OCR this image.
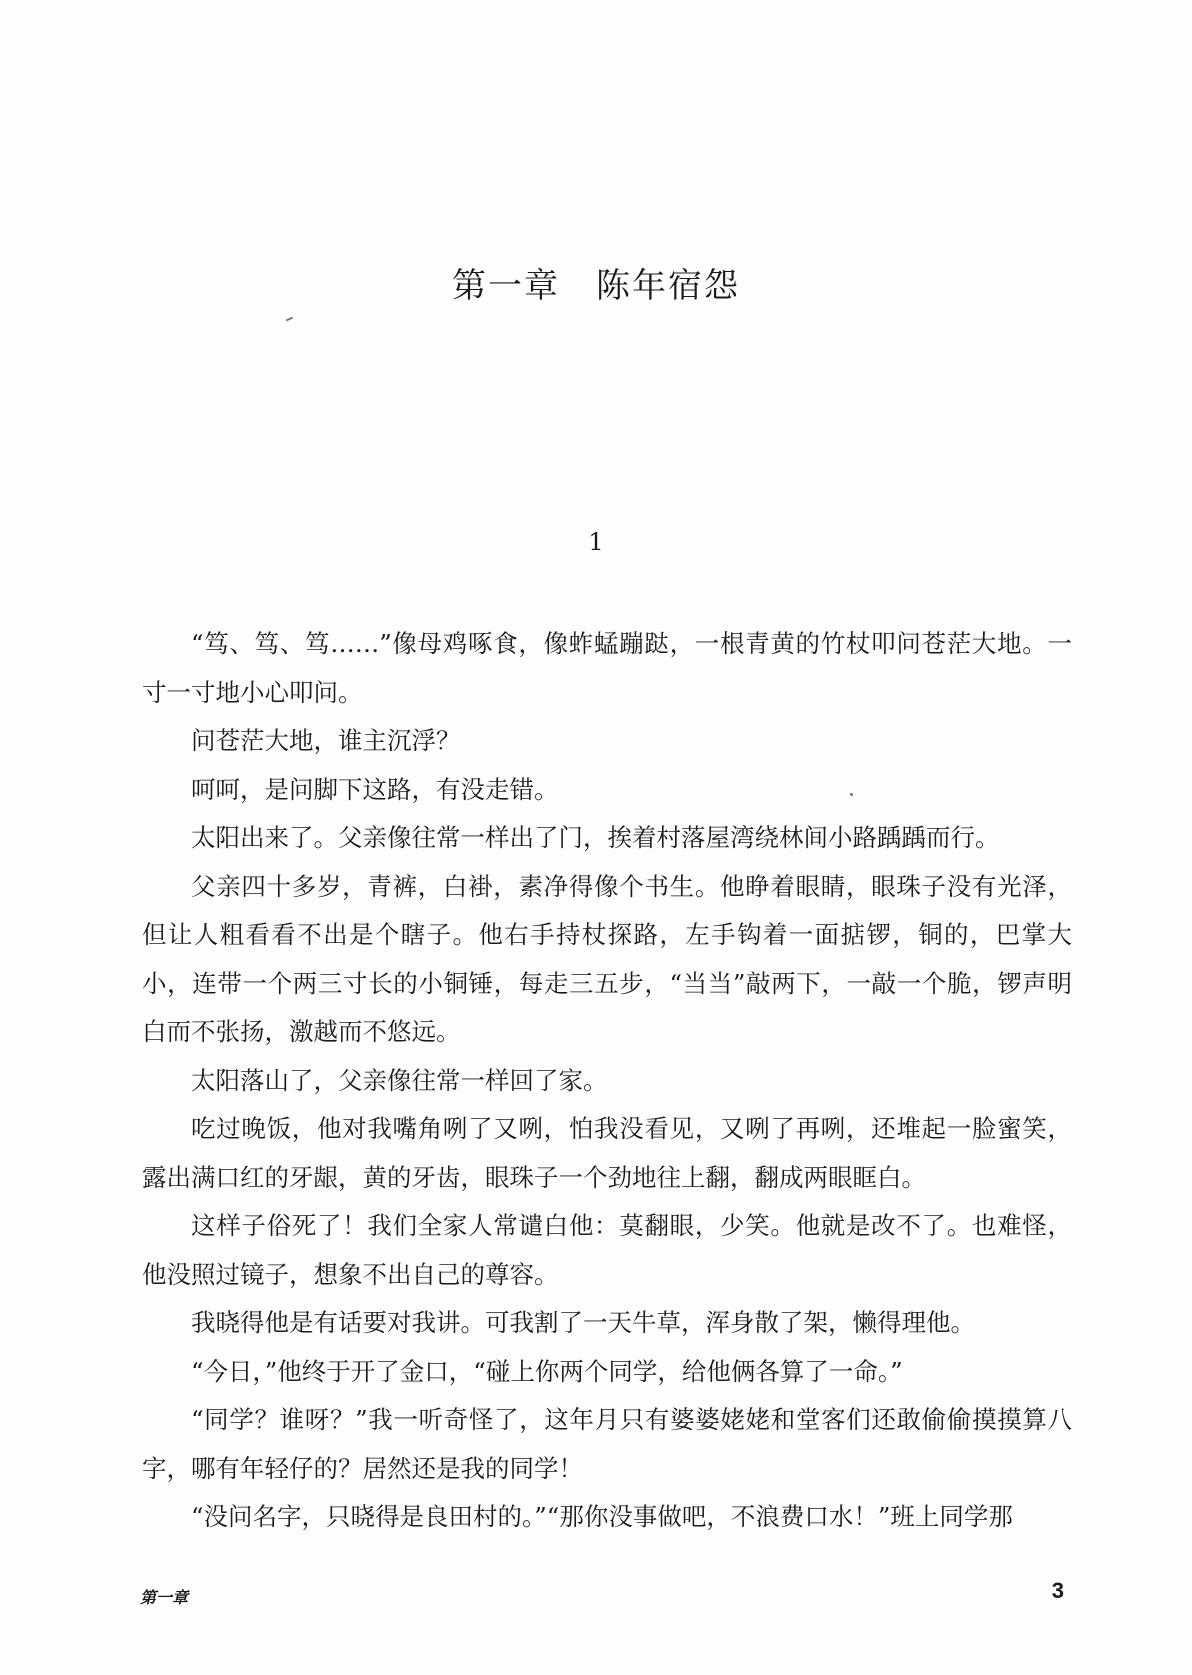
第一章　陈年宿怨
1

“笃、笃、笃……”像母鸡啄食，像蚱蜢蹦跶，一根青黄的竹杖叩问苍茫大地。一寸一寸地小心叩问。

问苍茫大地，谁主沉浮？

呵呵，是问脚下这路，有没走错。

太阳出来了。父亲像往常一样出了门，挨着村落屋湾绕林间小路踽踽而行。

父亲四十多岁，青裤，白褂，素净得像个书生。他睁着眼睛，眼珠子没有光泽，但让人粗看看不出是个瞎子。他右手持杖探路，左手钩着一面掂锣，铜的，巴掌大小，连带一个两三寸长的小铜锤，每走三五步，“当当”敲两下，一敲一个脆，锣声明白而不张扬，激越而不悠远。

太阳落山了，父亲像往常一样回了家。

吃过晚饭，他对我嘴角咧了又咧，怕我没看见，又咧了再咧，还堆起一脸蜜笑，露出满口红的牙龈，黄的牙齿，眼珠子一个劲地往上翻，翻成两眼眶白。

这样子俗死了！我们全家人常谴白他：莫翻眼，少笑。他就是改不了。也难怪，他没照过镜子，想象不出自己的尊容。

我晓得他是有话要对我讲。可我割了一天牛草，浑身散了架，懒得理他。

“今日，”他终于开了金口，“碰上你两个同学，给他俩各算了一命。”

“同学？谁呀？”我一听奇怪了，这年月只有婆婆姥姥和堂客们还敢偷偷摸摸算八字，哪有年轻仔的？居然还是我的同学！

“没问名字，只晓得是良田村的。”“那你没事做吧，不浪费口水！”班上同学那

第一章	3
